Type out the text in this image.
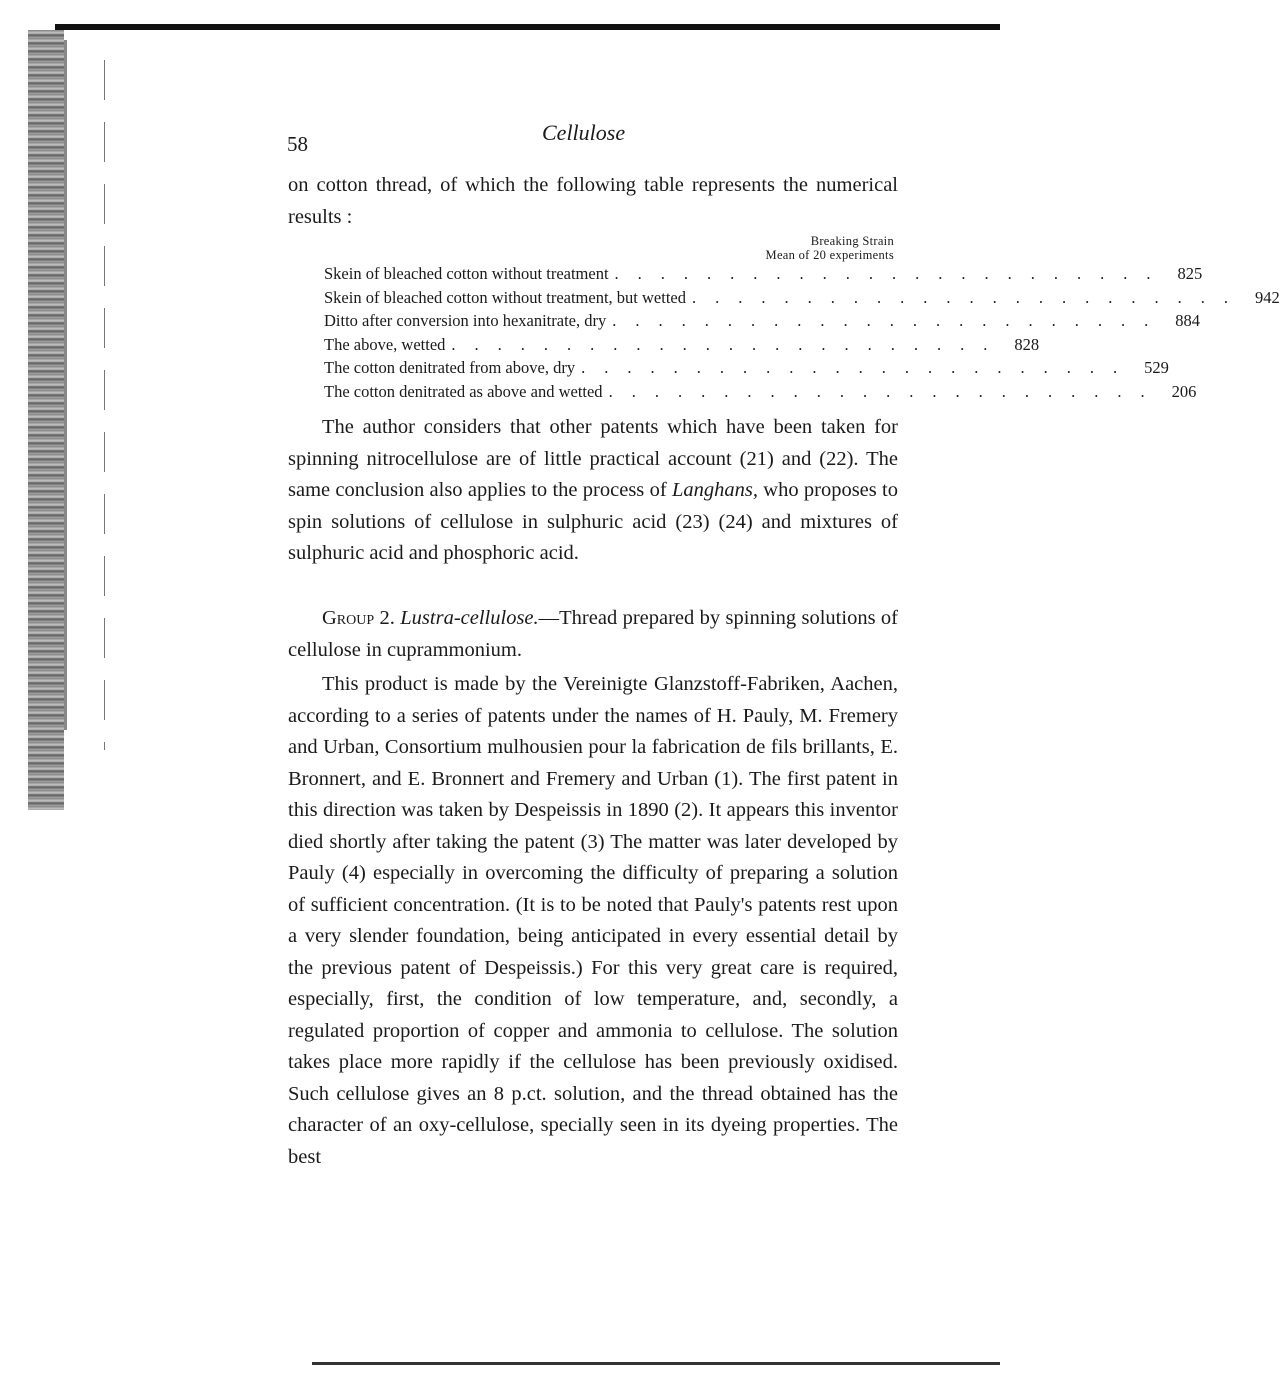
58	Cellulose
on cotton thread, of which the following table represents the numerical results :
Breaking Strain
Mean of 20 experiments
Skein of bleached cotton without treatment ........................ 825
Skein of bleached cotton without treatment, but wetted ........................ 942
Ditto after conversion into hexanitrate, dry ........................ 884
The above, wetted ........................ 828
The cotton denitrated from above, dry ........................ 529
The cotton denitrated as above and wetted ........................ 206
The author considers that other patents which have been taken for spinning nitrocellulose are of little practical account (21) and (22). The same conclusion also applies to the process of Langhans, who proposes to spin solutions of cellulose in sulphuric acid (23) (24) and mixtures of sulphuric acid and phosphoric acid.
Group 2. Lustra-cellulose.—Thread prepared by spinning solutions of cellulose in cuprammonium.
This product is made by the Vereinigte Glanzstoff-Fabriken, Aachen, according to a series of patents under the names of H. Pauly, M. Fremery and Urban, Consortium mulhousien pour la fabrication de fils brillants, E. Bronnert, and E. Bronnert and Fremery and Urban (1). The first patent in this direction was taken by Despeissis in 1890 (2). It appears this inventor died shortly after taking the patent (3) The matter was later developed by Pauly (4) especially in overcoming the difficulty of preparing a solution of sufficient concentration. (It is to be noted that Pauly's patents rest upon a very slender foundation, being anticipated in every essential detail by the previous patent of Despeissis.) For this very great care is required, especially, first, the condition of low temperature, and, secondly, a regulated proportion of copper and ammonia to cellulose. The solution takes place more rapidly if the cellulose has been previously oxidised. Such cellulose gives an 8 p.ct. solution, and the thread obtained has the character of an oxy-cellulose, specially seen in its dyeing properties. The best
